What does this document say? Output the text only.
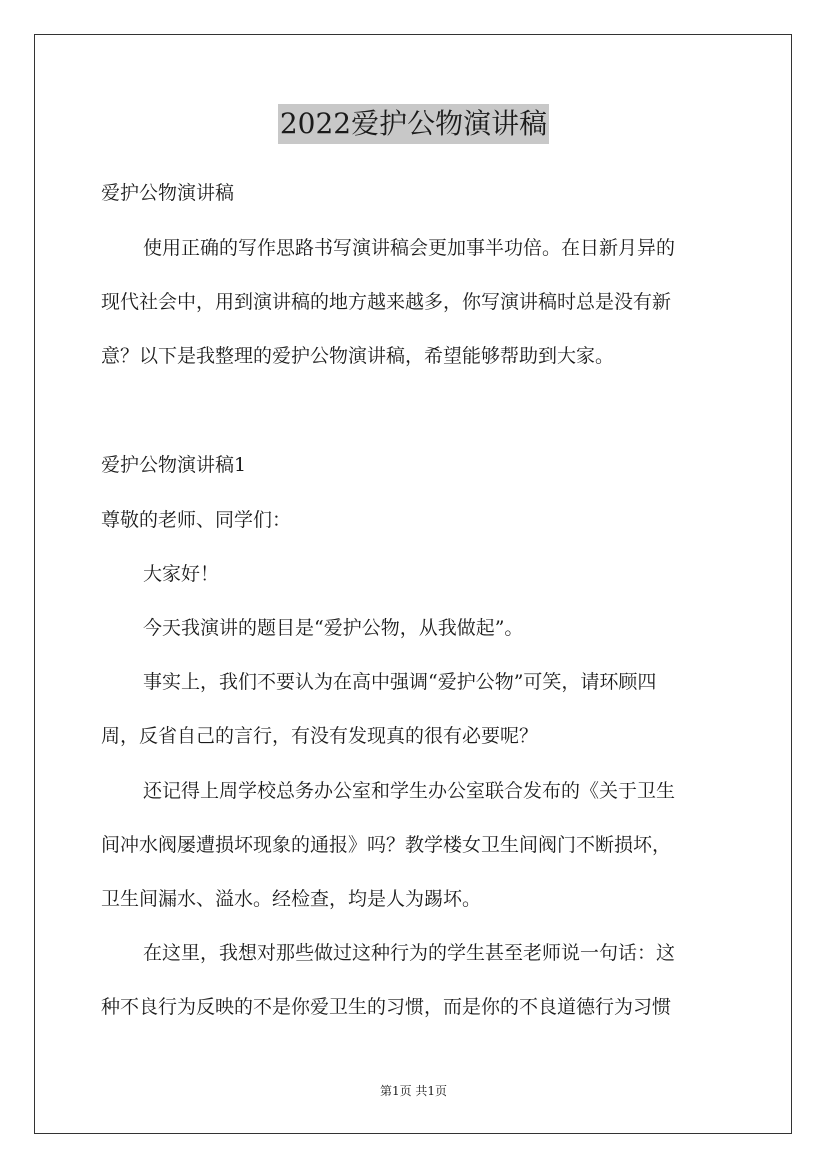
2022爱护公物演讲稿
爱护公物演讲稿
使用正确的写作思路书写演讲稿会更加事半功倍。在日新月异的
现代社会中，用到演讲稿的地方越来越多，你写演讲稿时总是没有新
意？以下是我整理的爱护公物演讲稿，希望能够帮助到大家。
爱护公物演讲稿1
尊敬的老师、同学们：
大家好！
今天我演讲的题目是“爱护公物，从我做起”。
事实上，我们不要认为在高中强调“爱护公物”可笑，请环顾四
周，反省自己的言行，有没有发现真的很有必要呢？
还记得上周学校总务办公室和学生办公室联合发布的《关于卫生
间冲水阀屡遭损坏现象的通报》吗？教学楼女卫生间阀门不断损坏，
卫生间漏水、溢水。经检查，均是人为踢坏。
在这里，我想对那些做过这种行为的学生甚至老师说一句话：这
种不良行为反映的不是你爱卫生的习惯，而是你的不良道德行为习惯
第1页 共1页
